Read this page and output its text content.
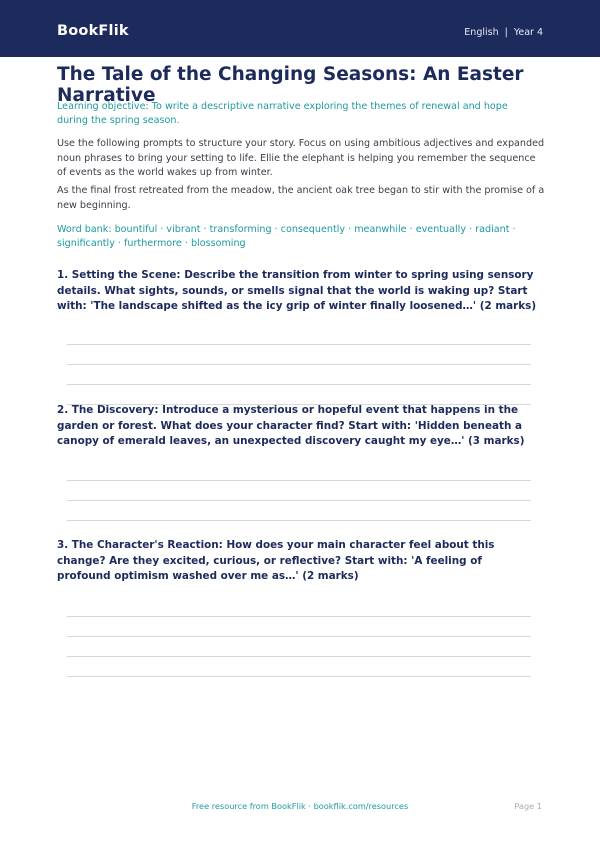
BookFlik	English | Year 4
The Tale of the Changing Seasons: An Easter Narrative

Learning objective: To write a descriptive narrative exploring the themes of renewal and hope during the spring season.

Use the following prompts to structure your story. Focus on using ambitious adjectives and expanded noun phrases to bring your setting to life. Ellie the elephant is helping you remember the sequence of events as the world wakes up from winter.

As the final frost retreated from the meadow, the ancient oak tree began to stir with the promise of a new beginning.

Word bank: bountiful · vibrant · transforming · consequently · meanwhile · eventually · radiant · significantly · furthermore · blossoming

1. Setting the Scene: Describe the transition from winter to spring using sensory details. What sights, sounds, or smells signal that the world is waking up? Start with: 'The landscape shifted as the icy grip of winter finally loosened…' (2 marks)

2. The Discovery: Introduce a mysterious or hopeful event that happens in the garden or forest. What does your character find? Start with: 'Hidden beneath a canopy of emerald leaves, an unexpected discovery caught my eye…' (3 marks)

3. The Character's Reaction: How does your main character feel about this change? Are they excited, curious, or reflective? Start with: 'A feeling of profound optimism washed over me as…' (2 marks)

Free resource from BookFlik · bookflik.com/resources	Page 1
